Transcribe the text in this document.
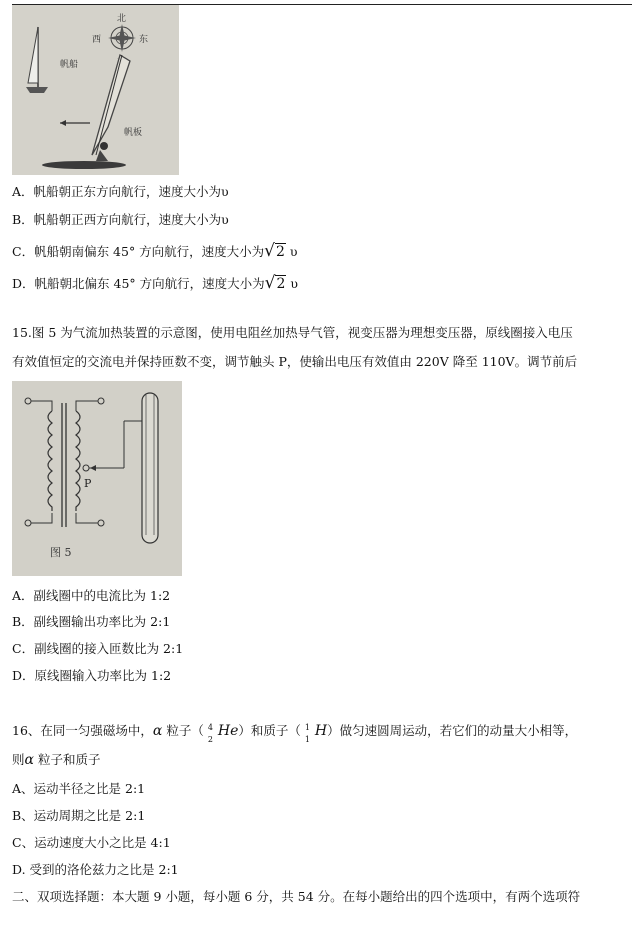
帆船
北
西	东
帆板
A．帆船朝正东方向航行，速度大小为υ
B．帆船朝正西方向航行，速度大小为υ
C．帆船朝南偏东 45° 方向航行，速度大小为√2 υ
D．帆船朝北偏东 45° 方向航行，速度大小为√2 υ
15.图 5 为气流加热装置的示意图，使用电阻丝加热导气管，视变压器为理想变压器，原线圈接入电压
有效值恒定的交流电并保持匝数不变，调节触头 P，使输出电压有效值由 220V 降至 110V。调节前后
P
图 5
A．副线圈中的电流比为 1:2
B．副线圈输出功率比为 2:1
C．副线圈的接入匝数比为 2:1
D．原线圈输入功率比为 1:2
16、在同一匀强磁场中，α 粒子（ 4
2 He）和质子（ 1
1 H）做匀速圆周运动，若它们的动量大小相等，
则α 粒子和质子
A、运动半径之比是 2:1
B、运动周期之比是 2:1
C、运动速度大小之比是 4:1
D. 受到的洛伦兹力之比是 2:1
二、双项选择题：本大题 9 小题，每小题 6 分，共 54 分。在每小题给出的四个选项中，有两个选项符
